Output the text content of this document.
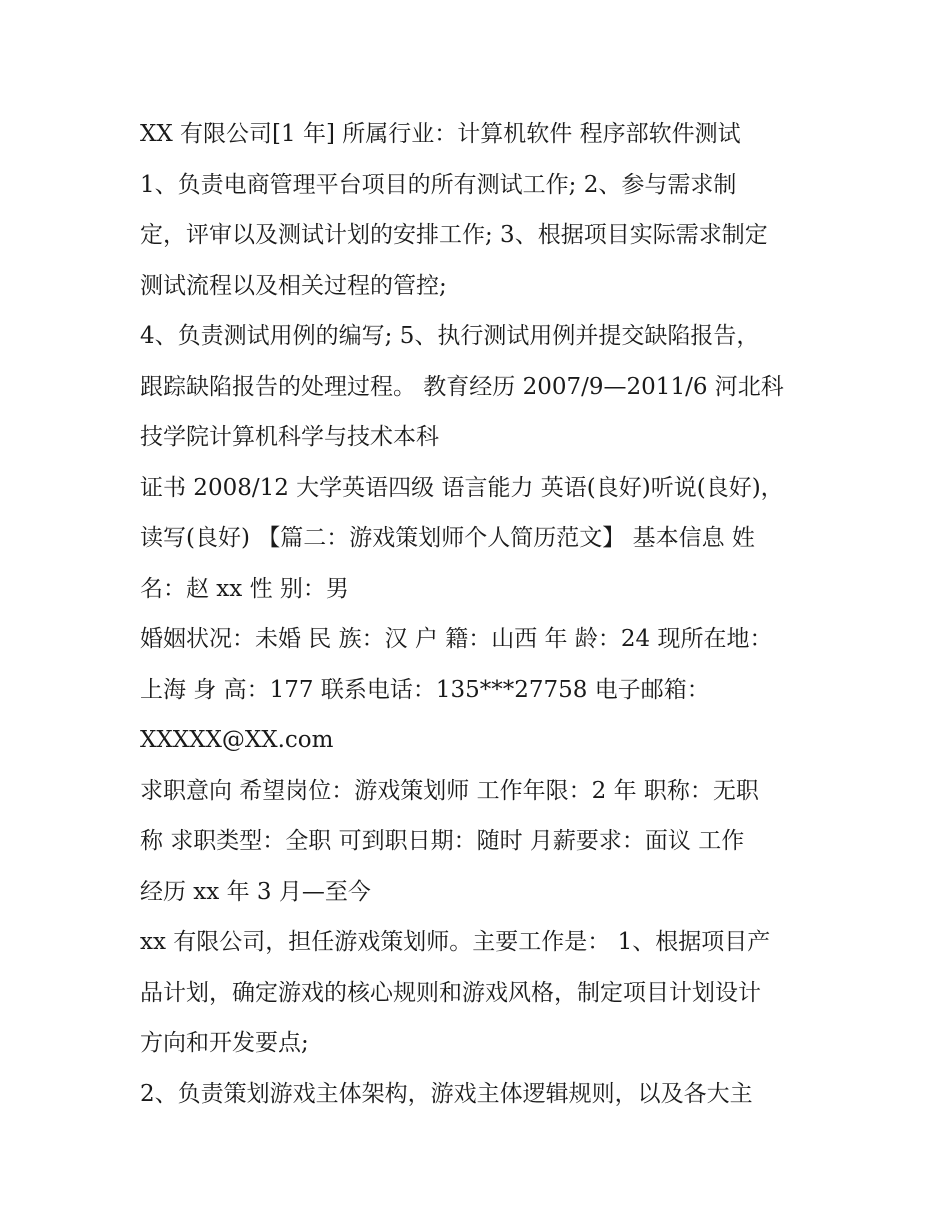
XX 有限公司[1 年] 所属行业：计算机软件 程序部软件测试
1、负责电商管理平台项目的所有测试工作; 2、参与需求制
定，评审以及测试计划的安排工作; 3、根据项目实际需求制定
测试流程以及相关过程的管控;
4、负责测试用例的编写; 5、执行测试用例并提交缺陷报告，
跟踪缺陷报告的处理过程。 教育经历 2007/9—2011/6 河北科
技学院计算机科学与技术本科
证书 2008/12 大学英语四级 语言能力 英语(良好)听说(良好)，
读写(良好) 【篇二：游戏策划师个人简历范文】 基本信息 姓
名：赵 xx 性 别：男
婚姻状况：未婚 民 族：汉 户 籍：山西 年 龄：24 现所在地：
上海 身 高：177 联系电话：135***27758 电子邮箱：
XXXXX@XX.com
求职意向 希望岗位：游戏策划师 工作年限：2 年 职称：无职
称 求职类型：全职 可到职日期：随时 月薪要求：面议 工作
经历 xx 年 3 月—至今
xx 有限公司，担任游戏策划师。主要工作是： 1、根据项目产
品计划，确定游戏的核心规则和游戏风格，制定项目计划设计
方向和开发要点;
2、负责策划游戏主体架构，游戏主体逻辑规则，以及各大主
